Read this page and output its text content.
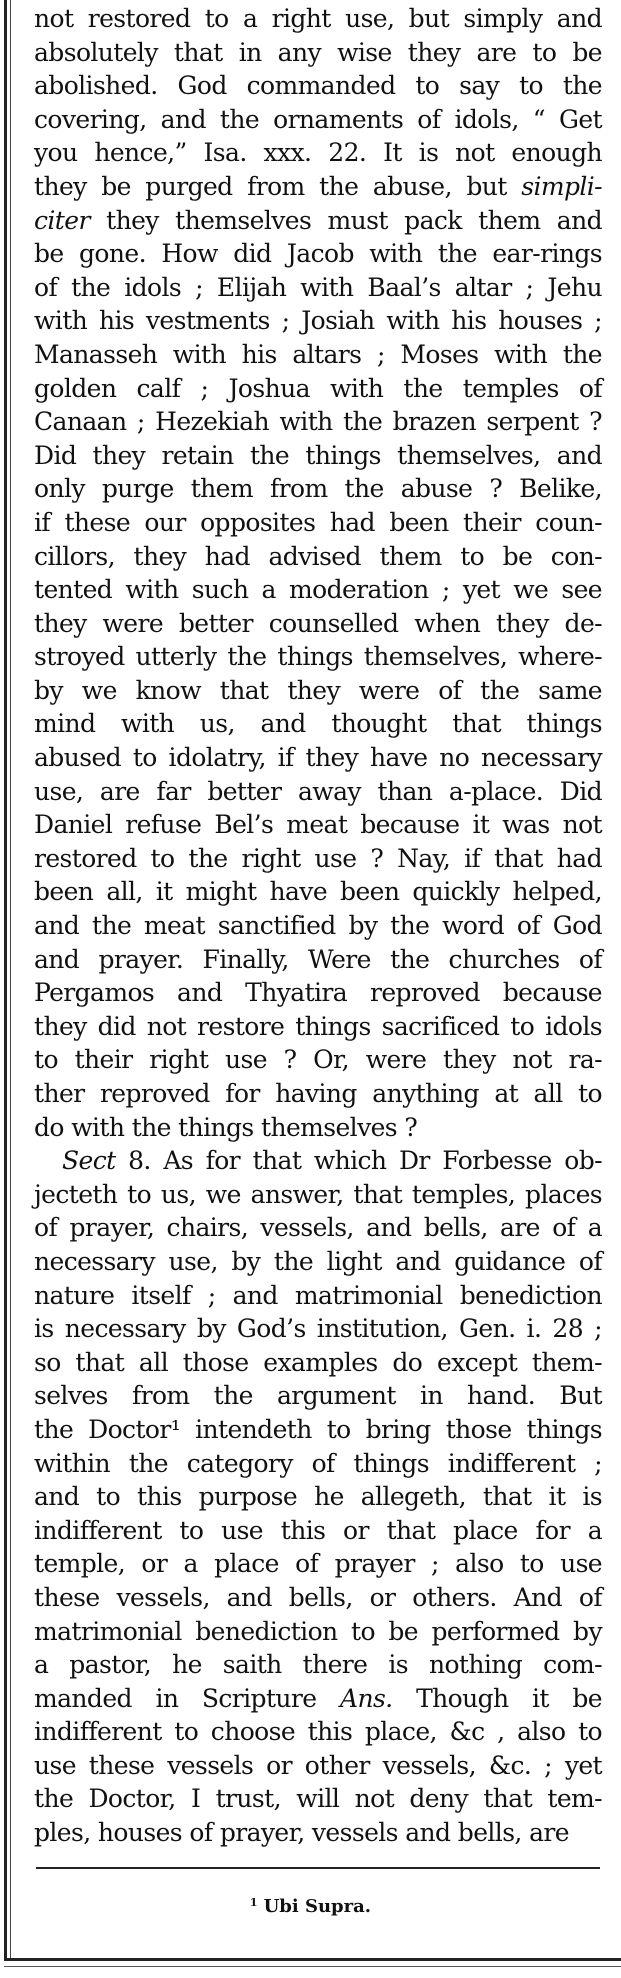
not restored to a right use, but simply and
absolutely that in any wise they are to be
abolished. God commanded to say to the
covering, and the ornaments of idols, “ Get
you hence,” Isa. xxx. 22. It is not enough
they be purged from the abuse, but simpli-
citer they themselves must pack them and
be gone. How did Jacob with the ear-rings
of the idols ; Elijah with Baal’s altar ; Jehu
with his vestments ; Josiah with his houses ;
Manasseh with his altars ; Moses with the
golden calf ; Joshua with the temples of
Canaan ; Hezekiah with the brazen serpent ?
Did they retain the things themselves, and
only purge them from the abuse ? Belike,
if these our opposites had been their coun-
cillors, they had advised them to be con-
tented with such a moderation ; yet we see
they were better counselled when they de-
stroyed utterly the things themselves, where-
by we know that they were of the same
mind with us, and thought that things
abused to idolatry, if they have no necessary
use, are far better away than a-place. Did
Daniel refuse Bel’s meat because it was not
restored to the right use ? Nay, if that had
been all, it might have been quickly helped,
and the meat sanctified by the word of God
and prayer. Finally, Were the churches of
Pergamos and Thyatira reproved because
they did not restore things sacrificed to idols
to their right use ? Or, were they not ra-
ther reproved for having anything at all to
do with the things themselves ?
Sect 8. As for that which Dr Forbesse ob-
jecteth to us, we answer, that temples, places
of prayer, chairs, vessels, and bells, are of a
necessary use, by the light and guidance of
nature itself ; and matrimonial benediction
is necessary by God’s institution, Gen. i. 28 ;
so that all those examples do except them-
selves from the argument in hand. But
the Doctor¹ intendeth to bring those things
within the category of things indifferent ;
and to this purpose he allegeth, that it is
indifferent to use this or that place for a
temple, or a place of prayer ; also to use
these vessels, and bells, or others. And of
matrimonial benediction to be performed by
a pastor, he saith there is nothing com-
manded in Scripture Ans. Though it be
indifferent to choose this place, &c , also to
use these vessels or other vessels, &c. ; yet
the Doctor, I trust, will not deny that tem-
ples, houses of prayer, vessels and bells, are
$^1$ Ubi Supra.
